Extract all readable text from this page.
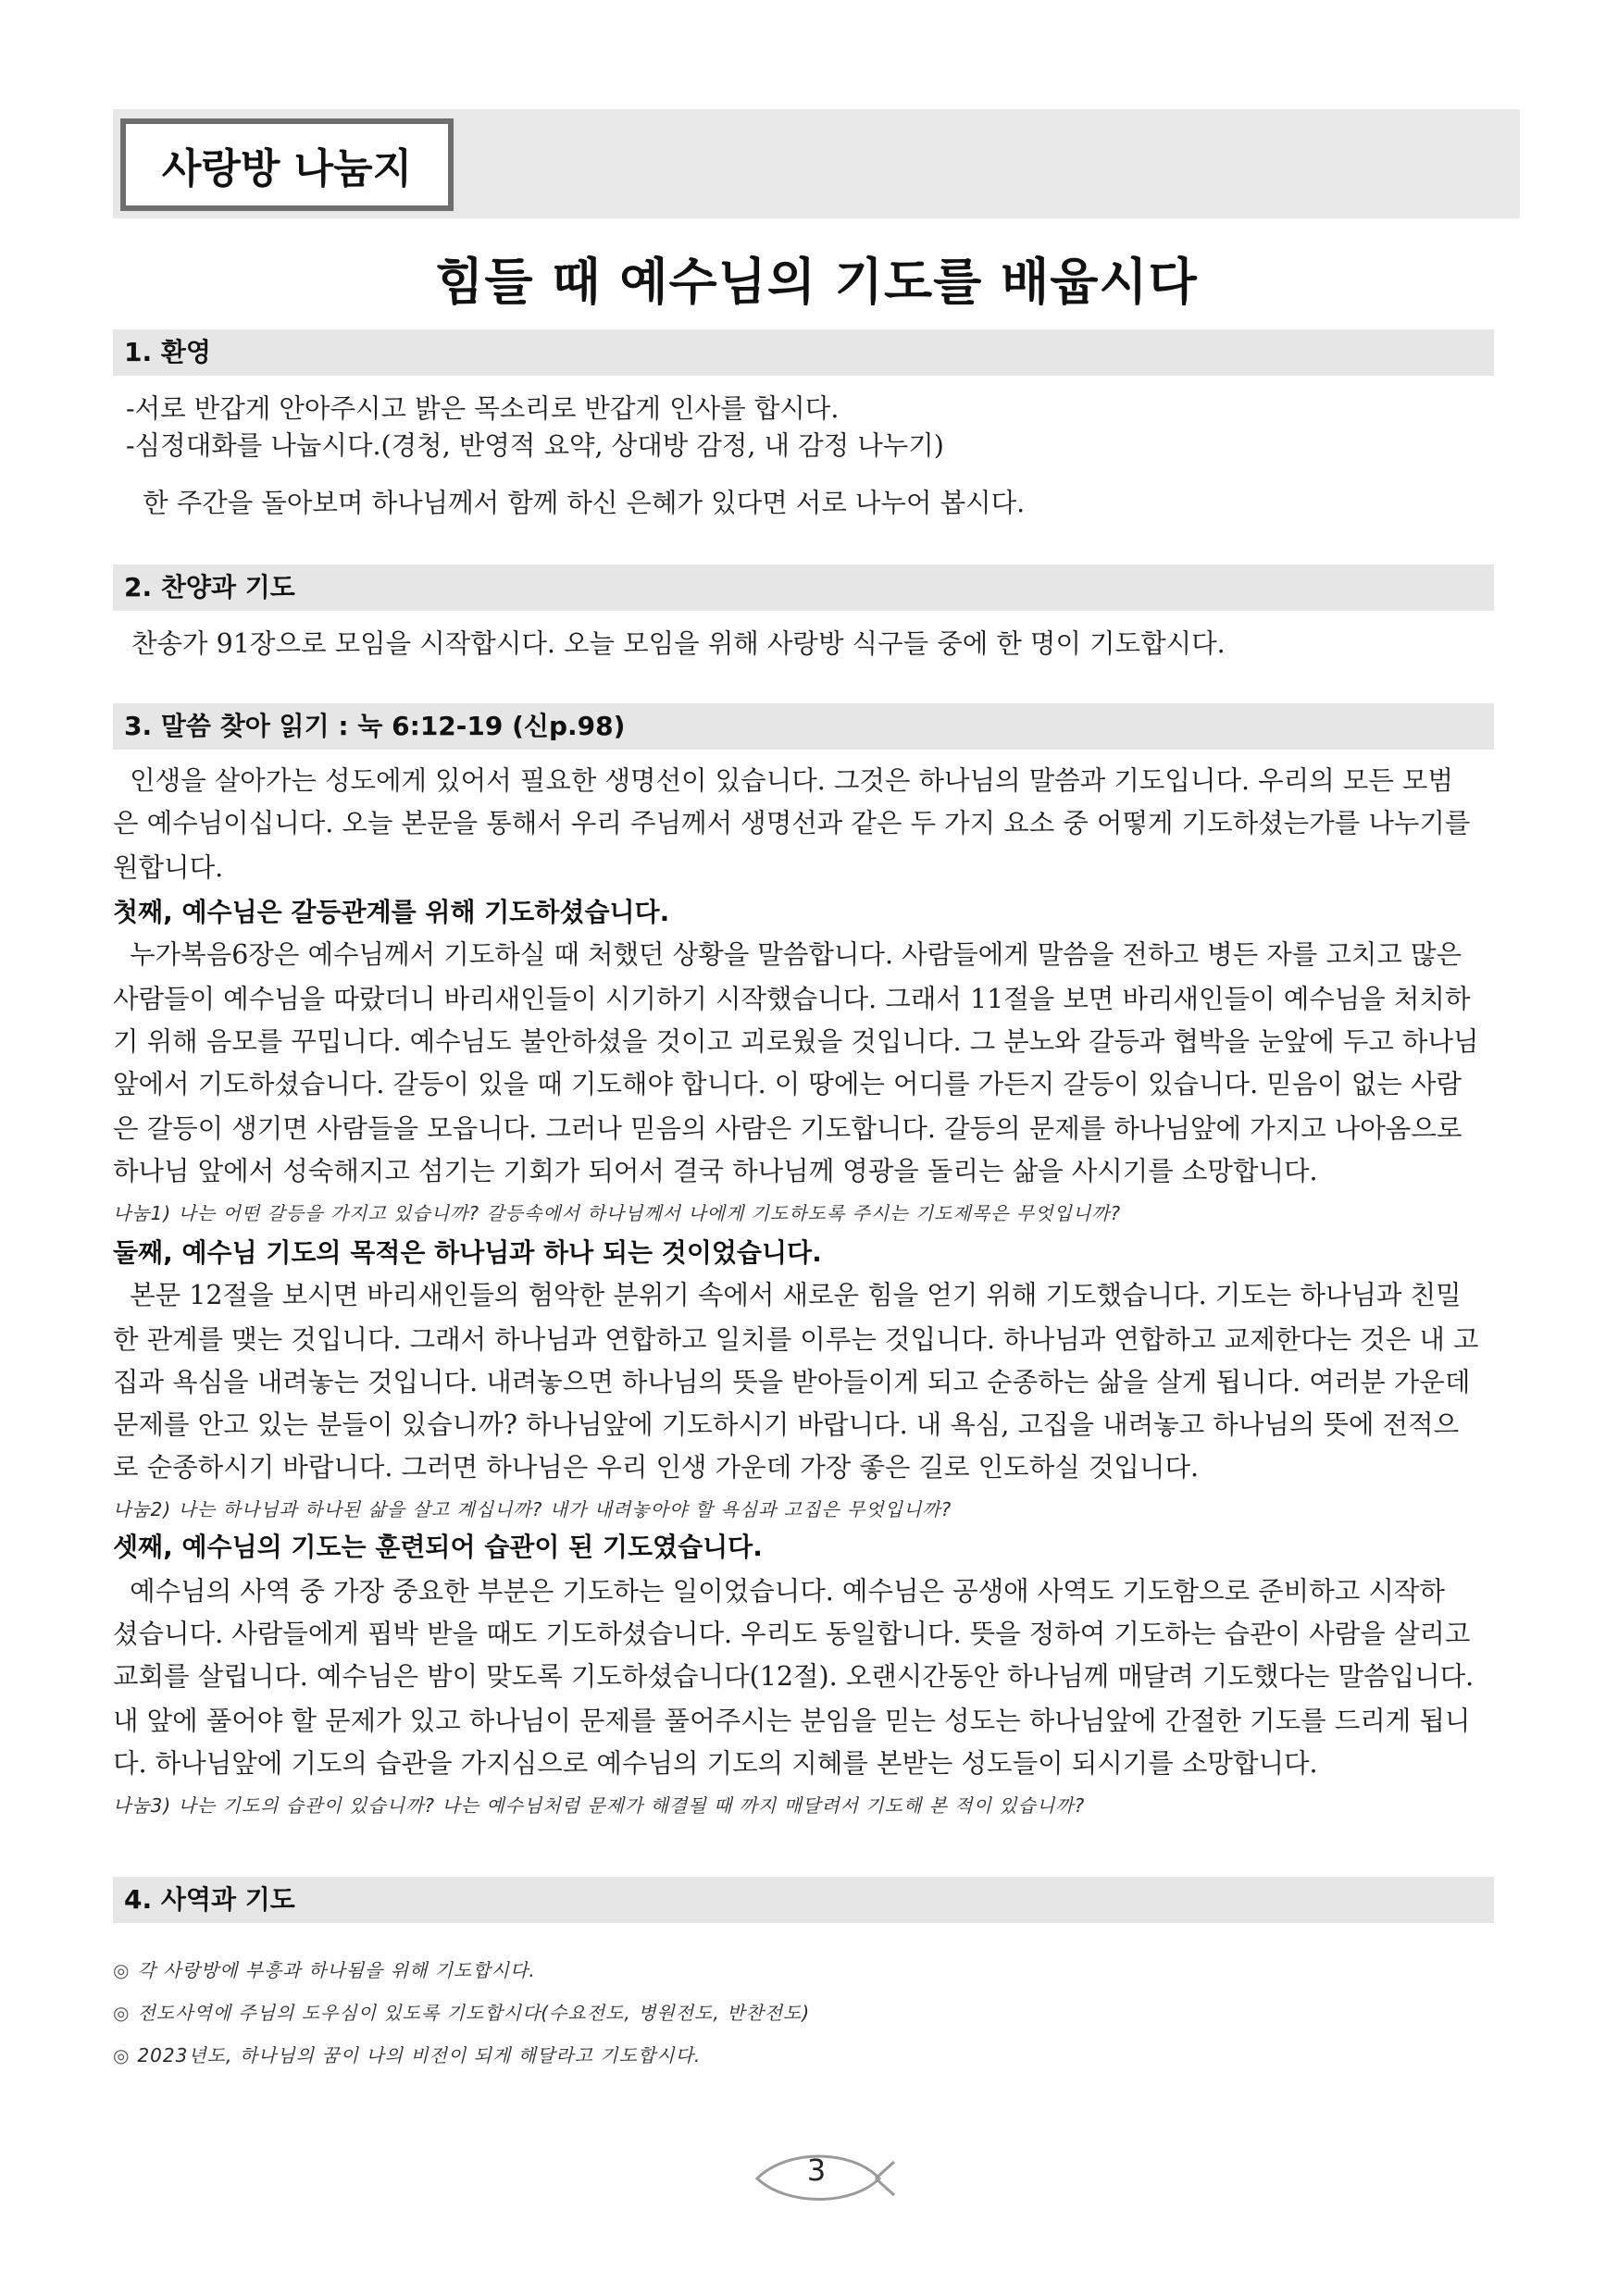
사랑방 나눔지
힘들 때 예수님의 기도를 배웁시다
1. 환영
-서로 반갑게 안아주시고 밝은 목소리로 반갑게 인사를 합시다.
-심정대화를 나눕시다.(경청, 반영적 요약, 상대방 감정, 내 감정 나누기)
한 주간을 돌아보며 하나님께서 함께 하신 은혜가 있다면 서로 나누어 봅시다.
2. 찬양과 기도
찬송가 91장으로 모임을 시작합시다. 오늘 모임을 위해 사랑방 식구들 중에 한 명이 기도합시다.
3. 말씀 찾아 읽기 : 눅 6:12-19 (신p.98)
인생을 살아가는 성도에게 있어서 필요한 생명선이 있습니다. 그것은 하나님의 말씀과 기도입니다. 우리의 모든 모범
은 예수님이십니다. 오늘 본문을 통해서 우리 주님께서 생명선과 같은 두 가지 요소 중 어떻게 기도하셨는가를 나누기를
원합니다.
첫째, 예수님은 갈등관계를 위해 기도하셨습니다.
누가복음6장은 예수님께서 기도하실 때 처했던 상황을 말씀합니다. 사람들에게 말씀을 전하고 병든 자를 고치고 많은
사람들이 예수님을 따랐더니 바리새인들이 시기하기 시작했습니다. 그래서 11절을 보면 바리새인들이 예수님을 처치하
기 위해 음모를 꾸밉니다. 예수님도 불안하셨을 것이고 괴로웠을 것입니다. 그 분노와 갈등과 협박을 눈앞에 두고 하나님
앞에서 기도하셨습니다. 갈등이 있을 때 기도해야 합니다. 이 땅에는 어디를 가든지 갈등이 있습니다. 믿음이 없는 사람
은 갈등이 생기면 사람들을 모읍니다. 그러나 믿음의 사람은 기도합니다. 갈등의 문제를 하나님앞에 가지고 나아옴으로
하나님 앞에서 성숙해지고 섬기는 기회가 되어서 결국 하나님께 영광을 돌리는 삶을 사시기를 소망합니다.
나눔1) 나는 어떤 갈등을 가지고 있습니까? 갈등속에서 하나님께서 나에게 기도하도록 주시는 기도제목은 무엇입니까?
둘째, 예수님 기도의 목적은 하나님과 하나 되는 것이었습니다.
본문 12절을 보시면 바리새인들의 험악한 분위기 속에서 새로운 힘을 얻기 위해 기도했습니다. 기도는 하나님과 친밀
한 관계를 맺는 것입니다. 그래서 하나님과 연합하고 일치를 이루는 것입니다. 하나님과 연합하고 교제한다는 것은 내 고
집과 욕심을 내려놓는 것입니다. 내려놓으면 하나님의 뜻을 받아들이게 되고 순종하는 삶을 살게 됩니다. 여러분 가운데
문제를 안고 있는 분들이 있습니까? 하나님앞에 기도하시기 바랍니다. 내 욕심, 고집을 내려놓고 하나님의 뜻에 전적으
로 순종하시기 바랍니다. 그러면 하나님은 우리 인생 가운데 가장 좋은 길로 인도하실 것입니다.
나눔2) 나는 하나님과 하나된 삶을 살고 계십니까? 내가 내려놓아야 할 욕심과 고집은 무엇입니까?
셋째, 예수님의 기도는 훈련되어 습관이 된 기도였습니다.
예수님의 사역 중 가장 중요한 부분은 기도하는 일이었습니다. 예수님은 공생애 사역도 기도함으로 준비하고 시작하
셨습니다. 사람들에게 핍박 받을 때도 기도하셨습니다. 우리도 동일합니다. 뜻을 정하여 기도하는 습관이 사람을 살리고
교회를 살립니다. 예수님은 밤이 맞도록 기도하셨습니다(12절). 오랜시간동안 하나님께 매달려 기도했다는 말씀입니다.
내 앞에 풀어야 할 문제가 있고 하나님이 문제를 풀어주시는 분임을 믿는 성도는 하나님앞에 간절한 기도를 드리게 됩니
다. 하나님앞에 기도의 습관을 가지심으로 예수님의 기도의 지혜를 본받는 성도들이 되시기를 소망합니다.
나눔3) 나는 기도의 습관이 있습니까? 나는 예수님처럼 문제가 해결될 때 까지 매달려서 기도해 본 적이 있습니까?
4. 사역과 기도
◎ 각 사랑방에 부흥과 하나됨을 위해 기도합시다.
◎ 전도사역에 주님의 도우심이 있도록 기도합시다(수요전도, 병원전도, 반찬전도)
◎ 2023년도, 하나님의 꿈이 나의 비전이 되게 해달라고 기도합시다.
3
